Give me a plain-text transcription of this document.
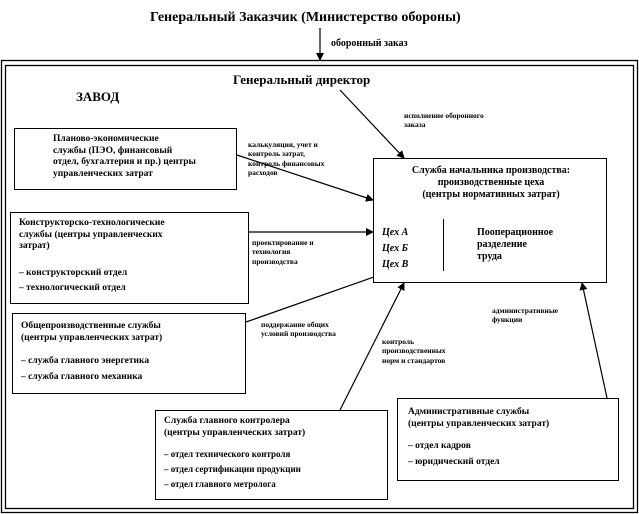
Генеральный Заказчик (Министерство обороны)
оборонный заказ
Генеральный директор
ЗАВОД
Планово-экономические
службы (ПЭО, финансовый
отдел, бухгалтерия и пр.) центры
управленческих затрат
Конструкторско-технологические
службы (центры управленческих
затрат)
– конструкторский отдел
– технологический отдел
Общепроизводственные службы
(центры управленческих затрат)
– служба главного энергетика
– служба главного механика
Служба начальника производства:
производственные цеха
(центры нормативных затрат)
Цех А
Цех Б
Цех В
Пооперационное
разделение
труда
Служба главного контролера
(центры управленческих затрат)
– отдел технического контроля
– отдел сертификации продукции
– отдел главного метролога
Административные службы
(центры управленческих затрат)
– отдел кадров
– юридический отдел
исполнение оборонного
заказа
калькуляция, учет и
контроль затрат,
контроль финансовых
расходов
проектирование и
технология
производства
поддержание общих
условий производства
контроль
производственных
норм и стандартов
административные
функции
